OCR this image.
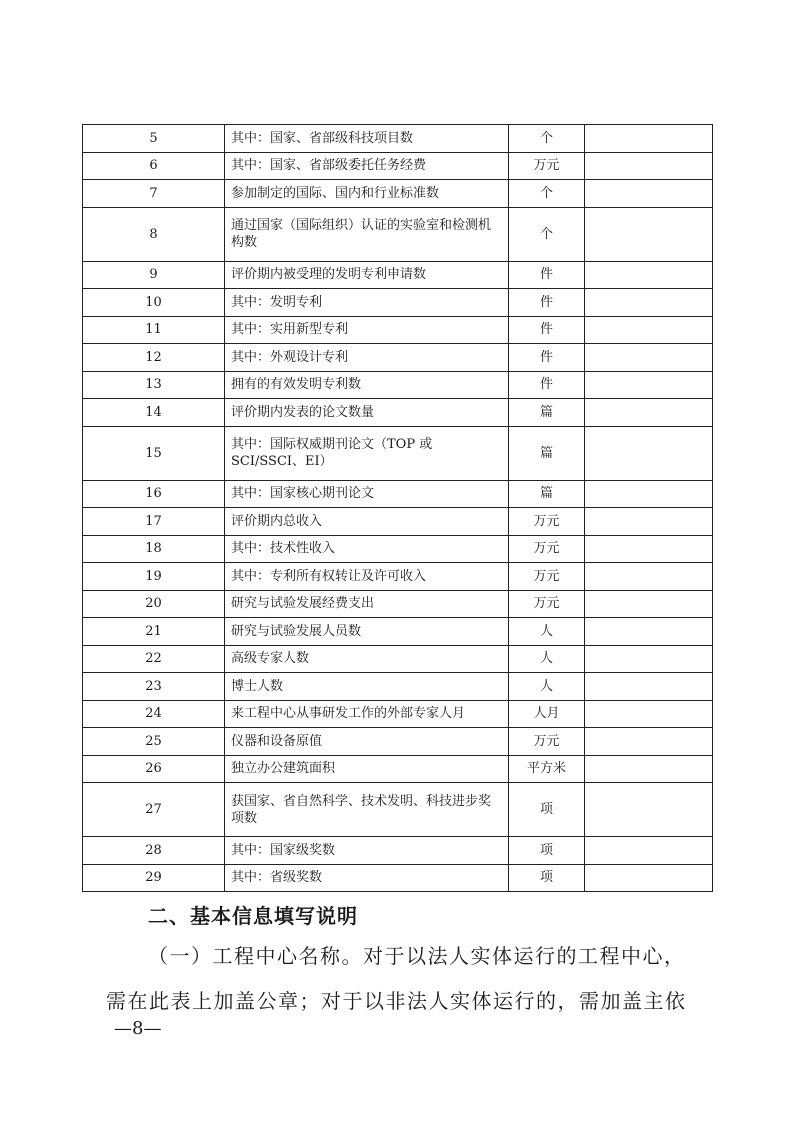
5	其中：国家、省部级科技项目数	个	
6	其中：国家、省部级委托任务经费	万元	
7	参加制定的国际、国内和行业标准数	个	
8	通过国家（国际组织）认证的实验室和检测机构数	个	
9	评价期内被受理的发明专利申请数	件	
10	其中：发明专利	件	
11	其中：实用新型专利	件	
12	其中：外观设计专利	件	
13	拥有的有效发明专利数	件	
14	评价期内发表的论文数量	篇	
15	其中：国际权威期刊论文（TOP 或 SCI/SSCI、EI）	篇	
16	其中：国家核心期刊论文	篇	
17	评价期内总收入	万元	
18	其中：技术性收入	万元	
19	其中：专利所有权转让及许可收入	万元	
20	研究与试验发展经费支出	万元	
21	研究与试验发展人员数	人	
22	高级专家人数	人	
23	博士人数	人	
24	来工程中心从事研发工作的外部专家人月	人月	
25	仪器和设备原值	万元	
26	独立办公建筑面积	平方米	
27	获国家、省自然科学、技术发明、科技进步奖项数	项	
28	其中：国家级奖数	项	
29	其中：省级奖数	项	
二、基本信息填写说明
（一）工程中心名称。对于以法人实体运行的工程中心，
需在此表上加盖公章；对于以非法人实体运行的，需加盖主依
—8—
